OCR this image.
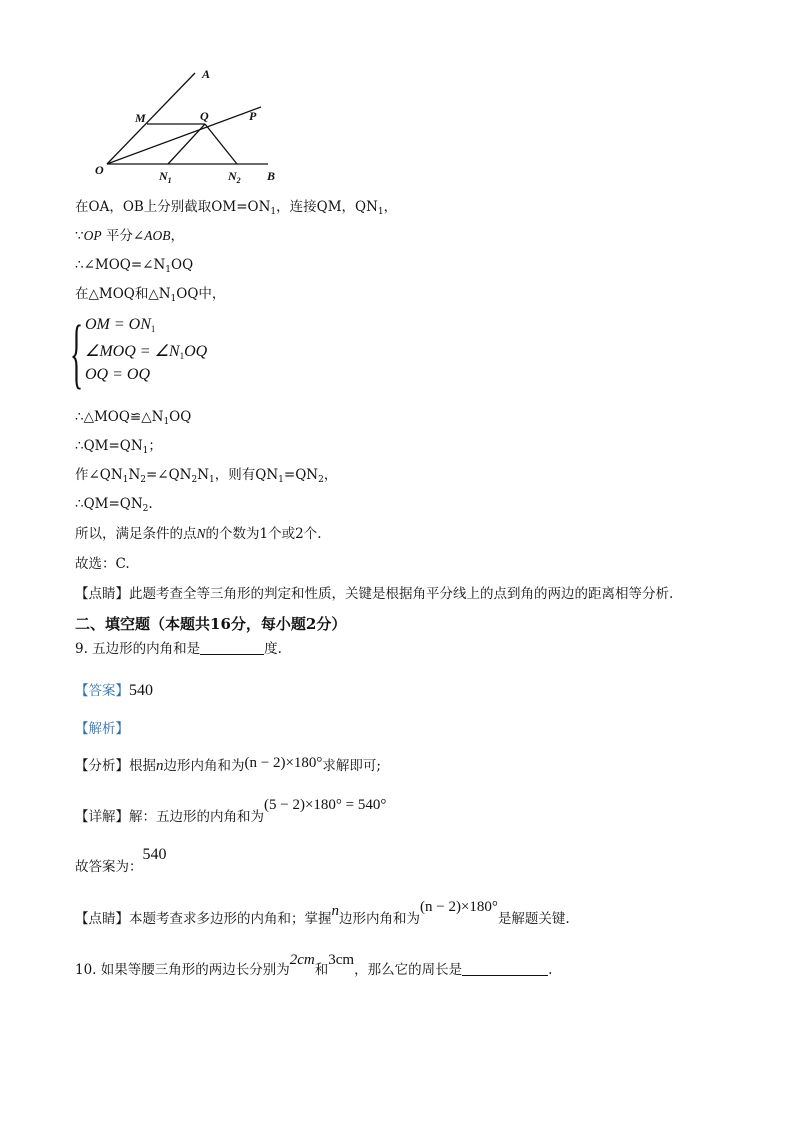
A
M	Q	P
O	$N_1$	$N_2$ B
在OA，OB上分别截取$OM=ON_1$，连接QM，$QN_1$，
∵OP 平分∠AOB，
$\therefore\angle MOQ=\angle N_1OQ$
在△MOQ和$\triangle N_1OQ$中，
{ OM = $ON_1$
∠MOQ = $\angle N_1OQ$
OQ = OQ
$\therefore\triangle MOQ≌\triangle N_1OQ$
$\therefore QM=QN_1$；
作$\angle QN_1N_2=\angle QN_2N_1$，则有$QN_1=QN_2$，
$\therefore QM=QN_2$.
所以，满足条件的点N的个数为1个或2个.
故选：C.
【点睛】此题考查全等三角形的判定和性质，关键是根据角平分线上的点到角的两边的距离相等分析.
二、填空题（本题共16分，每小题2分）
9. 五边形的内角和是	度.
【答案】540
【解析】
【分析】根据n边形内角和为(n − 2)×180°求解即可;
【详解】解：五边形的内角和为(5 − 2)×180° = 540°
故答案为：540
【点睛】本题考查求多边形的内角和；掌握n边形内角和为(n − 2)×180°是解题关键.
10. 如果等腰三角形的两边长分别为2cm和3cm，那么它的周长是	.
